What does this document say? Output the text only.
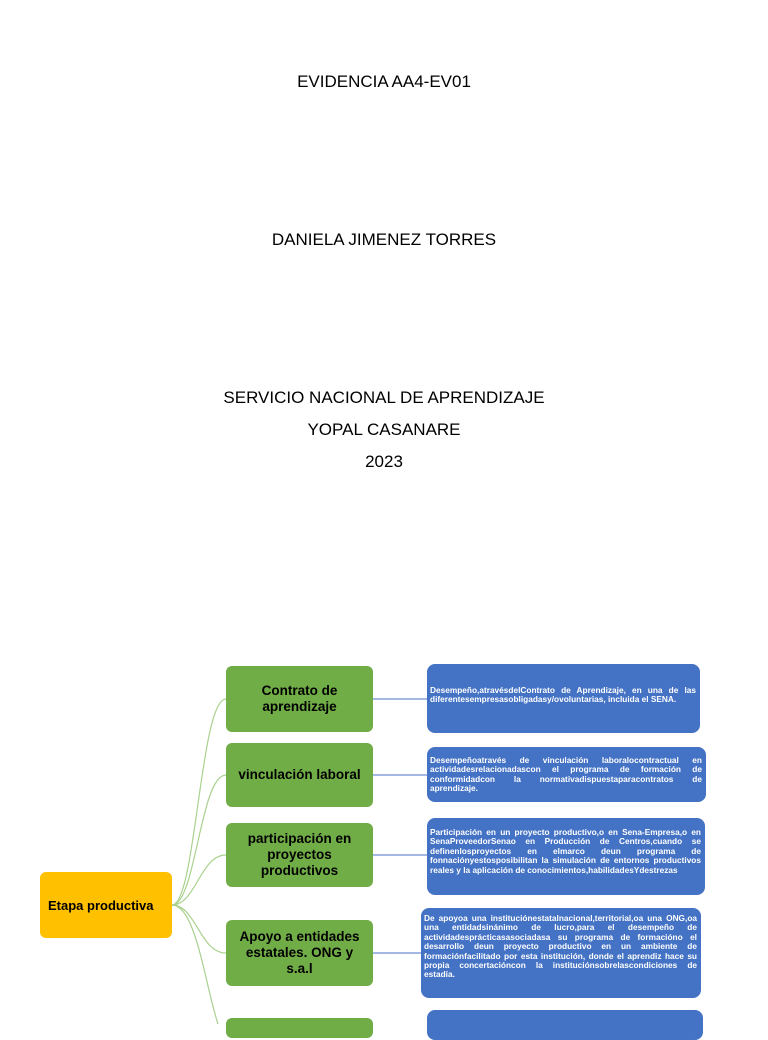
EVIDENCIA AA4-EV01
DANIELA JIMENEZ TORRES
SERVICIO NACIONAL DE APRENDIZAJE
YOPAL CASANARE
2023
Etapa productiva
Contrato de aprendizaje
vinculación laboral
participación en proyectos productivos
Apoyo a entidades estatales. ONG y s.a.l
Desempeño,atravésdelContrato de Aprendizaje, en una de las diferentesempresasobligadasy/ovoluntarias, incluida el SENA.
Desempeñoatravés de vinculación laboralocontractual en actividadesrelacionadascon el programa de formación de conformidadcon la normativadispuestaparacontratos de aprendizaje.
Participación en un proyecto productivo,o en Sena-Empresa,o en SenaProveedorSenao en Producción de Centros,cuando se definenlosproyectos en elmarco deun programa de fonnaciónyestosposibilitan la simulación de entornos productivos reales y la aplicación de conocimientos,habilidadesYdestrezas
De apoyoa una instituciónestatalnacional,territorial,oa una ONG,oa una entidadsinánimo de lucro,para el desempeño de actividadesprácticasasociadasa su programa de formacióno el desarrollo deun proyecto productivo en un ambiente de formaciónfacilitado por esta institución, donde el aprendiz hace su propia concertacióncon la instituciónsobrelascondiciones de estadía.
